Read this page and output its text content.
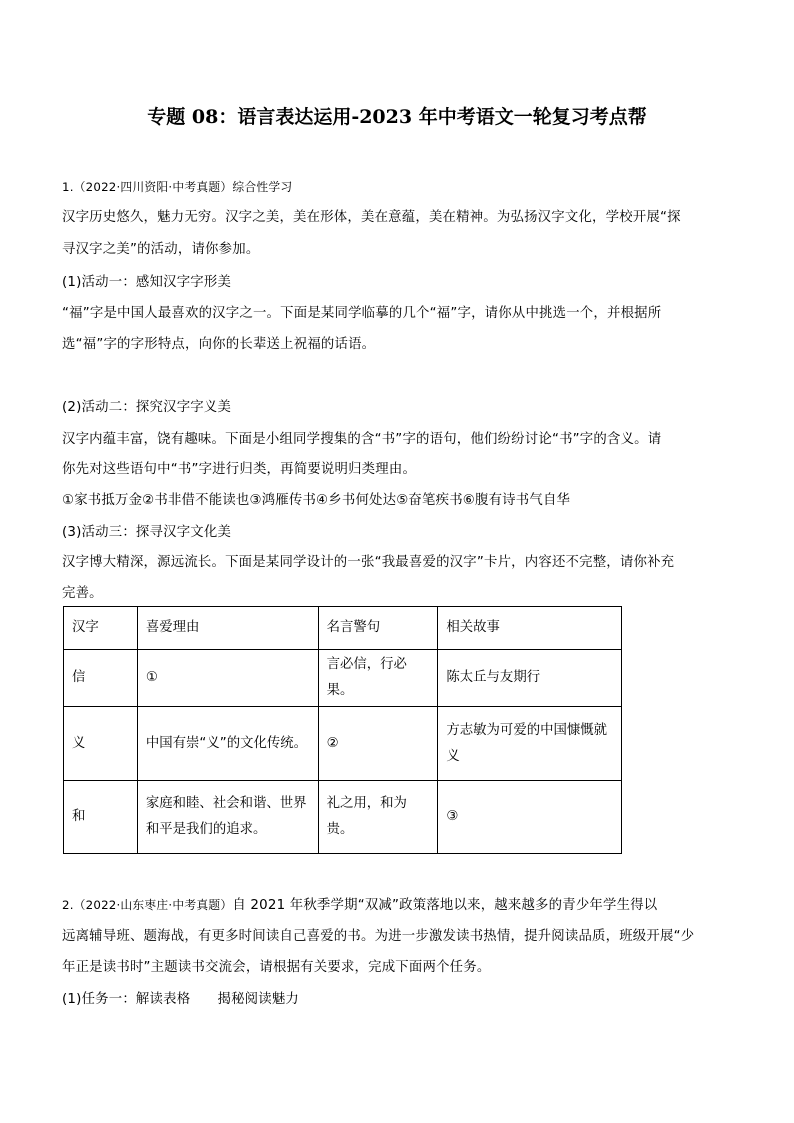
专题 08：语言表达运用-2023 年中考语文一轮复习考点帮
1.（2022·四川资阳·中考真题）综合性学习
汉字历史悠久，魅力无穷。汉字之美，美在形体，美在意蕴，美在精神。为弘扬汉字文化，学校开展“探
寻汉字之美”的活动，请你参加。
(1)活动一：感知汉字字形美
“福”字是中国人最喜欢的汉字之一。下面是某同学临摹的几个“福”字，请你从中挑选一个，并根据所
选“福”字的字形特点，向你的长辈送上祝福的话语。
(2)活动二：探究汉字字义美
汉字内蕴丰富，饶有趣味。下面是小组同学搜集的含“书”字的语句，他们纷纷讨论“书”字的含义。请
你先对这些语句中“书”字进行归类，再简要说明归类理由。
①家书抵万金②书非借不能读也③鸿雁传书④乡书何处达⑤奋笔疾书⑥腹有诗书气自华
(3)活动三：探寻汉字文化美
汉字博大精深，源远流长。下面是某同学设计的一张“我最喜爱的汉字”卡片，内容还不完整，请你补充
完善。
汉字	喜爱理由	名言警句	相关故事
信	①	言必信，行必果。	陈太丘与友期行
义	中国有崇“义”的文化传统。	②	方志敏为可爱的中国慷慨就义
和	家庭和睦、社会和谐、世界和平是我们的追求。	礼之用，和为贵。	③
2.（2022·山东枣庄·中考真题）自 2021 年秋季学期“双减”政策落地以来，越来越多的青少年学生得以
远离辅导班、题海战，有更多时间读自己喜爱的书。为进一步激发读书热情，提升阅读品质，班级开展“少
年正是读书时”主题读书交流会，请根据有关要求，完成下面两个任务。
(1)任务一：解读表格　　揭秘阅读魅力
